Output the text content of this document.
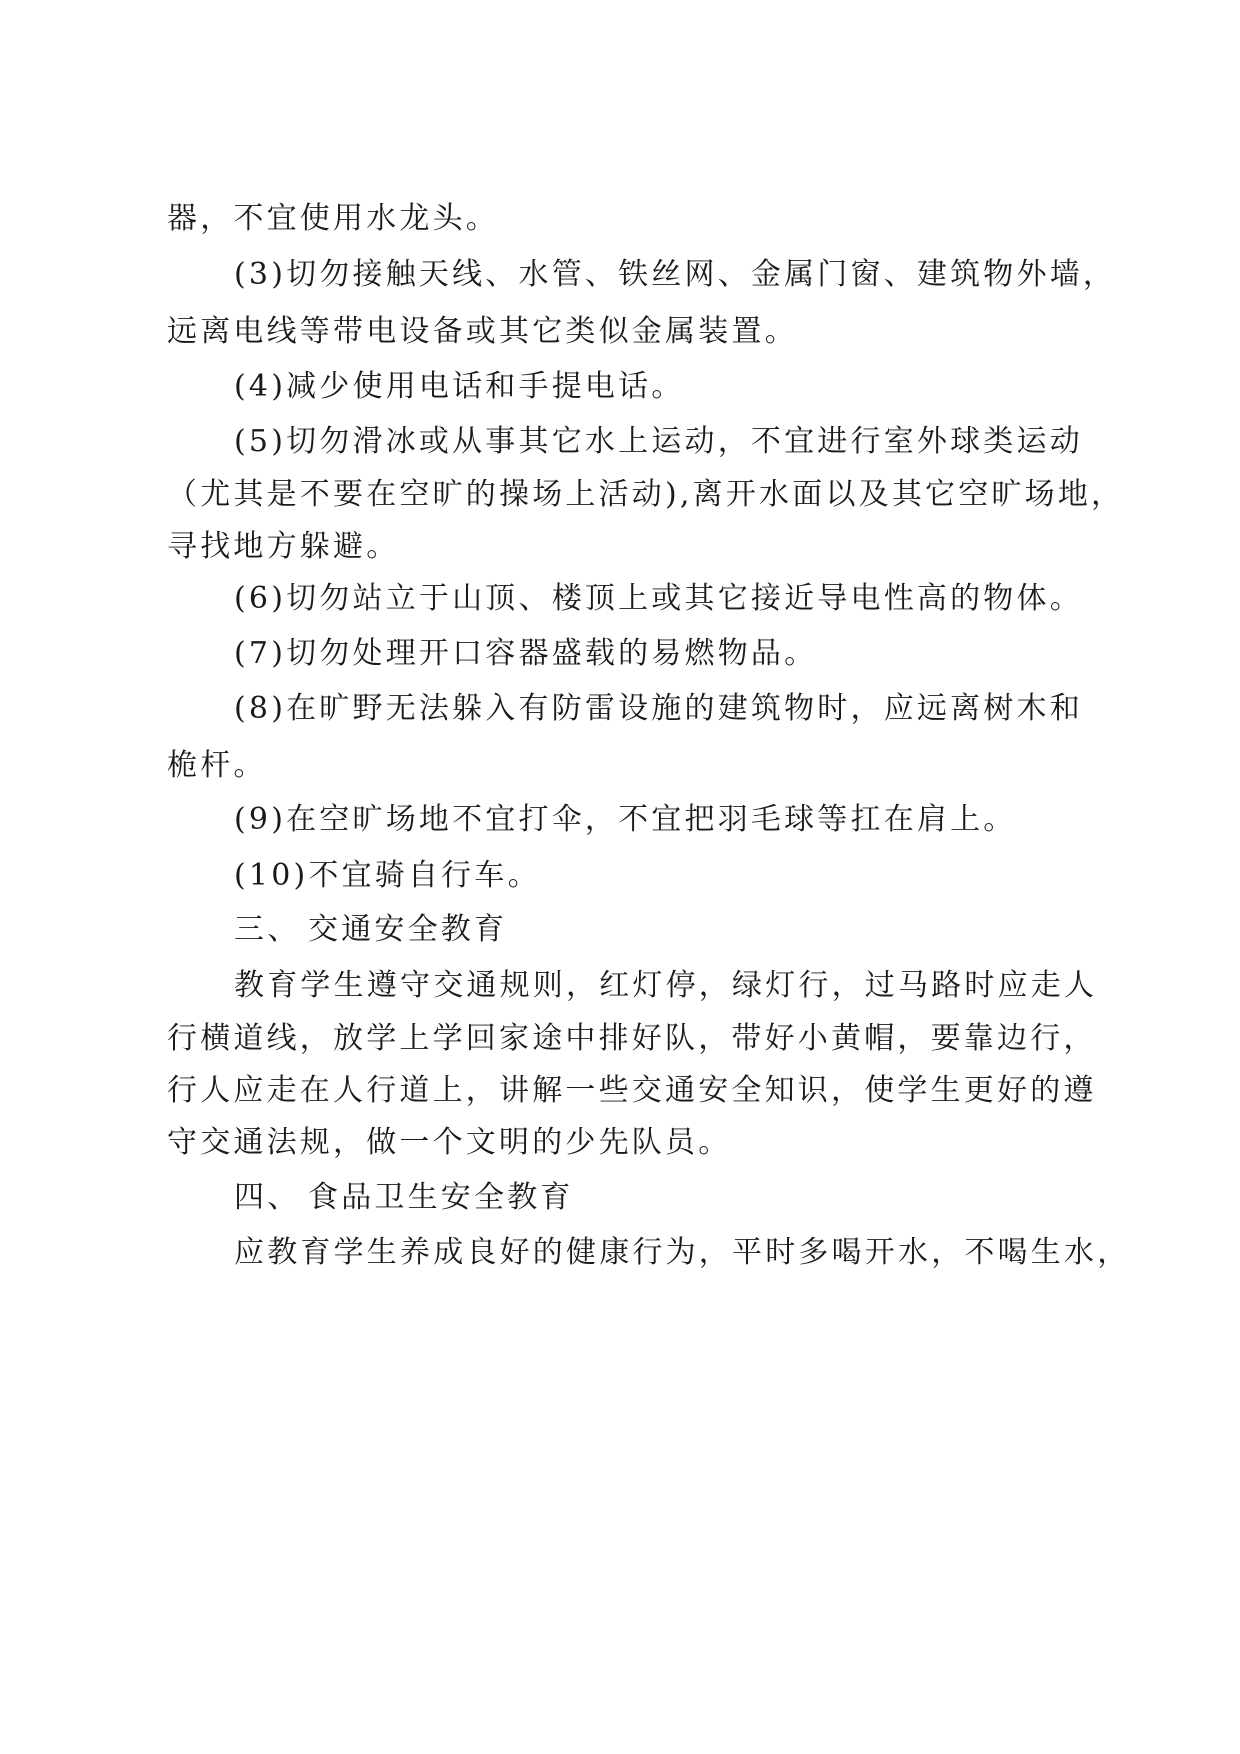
器，不宜使用水龙头。
(3)切勿接触天线、水管、铁丝网、金属门窗、建筑物外墙，
远离电线等带电设备或其它类似金属装置。
(4)减少使用电话和手提电话。
(5)切勿滑冰或从事其它水上运动，不宜进行室外球类运动
（尤其是不要在空旷的操场上活动),离开水面以及其它空旷场地，
寻找地方躲避。
(6)切勿站立于山顶、楼顶上或其它接近导电性高的物体。
(7)切勿处理开口容器盛载的易燃物品。
(8)在旷野无法躲入有防雷设施的建筑物时，应远离树木和
桅杆。
(9)在空旷场地不宜打伞，不宜把羽毛球等扛在肩上。
(10)不宜骑自行车。
三、 交通安全教育
教育学生遵守交通规则，红灯停，绿灯行，过马路时应走人
行横道线，放学上学回家途中排好队，带好小黄帽，要靠边行，
行人应走在人行道上，讲解一些交通安全知识，使学生更好的遵
守交通法规，做一个文明的少先队员。
四、 食品卫生安全教育
应教育学生养成良好的健康行为，平时多喝开水，不喝生水，
